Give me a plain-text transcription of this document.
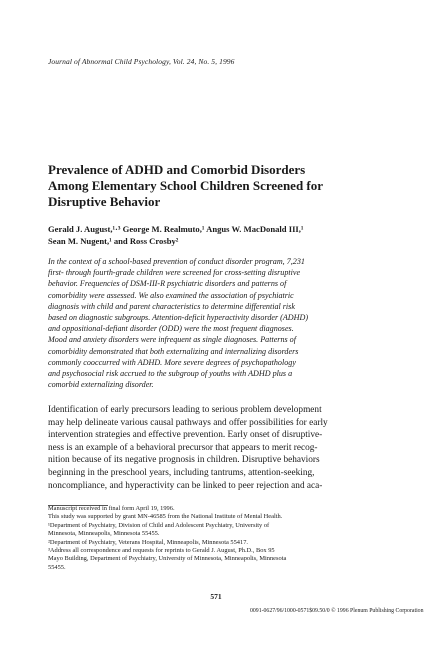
Journal of Abnormal Child Psychology, Vol. 24, No. 5, 1996
Prevalence of ADHD and Comorbid Disorders
Among Elementary School Children Screened for
Disruptive Behavior
Gerald J. August,¹·³ George M. Realmuto,¹ Angus W. MacDonald III,¹
Sean M. Nugent,¹ and Ross Crosby²
In the context of a school-based prevention of conduct disorder program, 7,231
first- through fourth-grade children were screened for cross-setting disruptive
behavior. Frequencies of DSM-III-R psychiatric disorders and patterns of
comorbidity were assessed. We also examined the association of psychiatric
diagnosis with child and parent characteristics to determine differential risk
based on diagnostic subgroups. Attention-deficit hyperactivity disorder (ADHD)
and oppositional-defiant disorder (ODD) were the most frequent diagnoses.
Mood and anxiety disorders were infrequent as single diagnoses. Patterns of
comorbidity demonstrated that both externalizing and internalizing disorders
commonly cooccurred with ADHD. More severe degrees of psychopathology
and psychosocial risk accrued to the subgroup of youths with ADHD plus a
comorbid externalizing disorder.
Identification of early precursors leading to serious problem development
may help delineate various causal pathways and offer possibilities for early
intervention strategies and effective prevention. Early onset of disruptive-
ness is an example of a behavioral precursor that appears to merit recog-
nition because of its negative prognosis in children. Disruptive behaviors
beginning in the preschool years, including tantrums, attention-seeking,
noncompliance, and hyperactivity can be linked to peer rejection and aca-
Manuscript received in final form April 19, 1996.
This study was supported by grant MN-46585 from the National Institute of Mental Health.
¹Department of Psychiatry, Division of Child and Adolescent Psychiatry, University of
Minnesota, Minneapolis, Minnesota 55455.
²Department of Psychiatry, Veterans Hospital, Minneapolis, Minnesota 55417.
³Address all correspondence and requests for reprints to Gerald J. August, Ph.D., Box 95
Mayo Building, Department of Psychiatry, University of Minnesota, Minneapolis, Minnesota
55455.
571
0091-0627/96/1000-0571$09.50/0 © 1996 Plenum Publishing Corporation
